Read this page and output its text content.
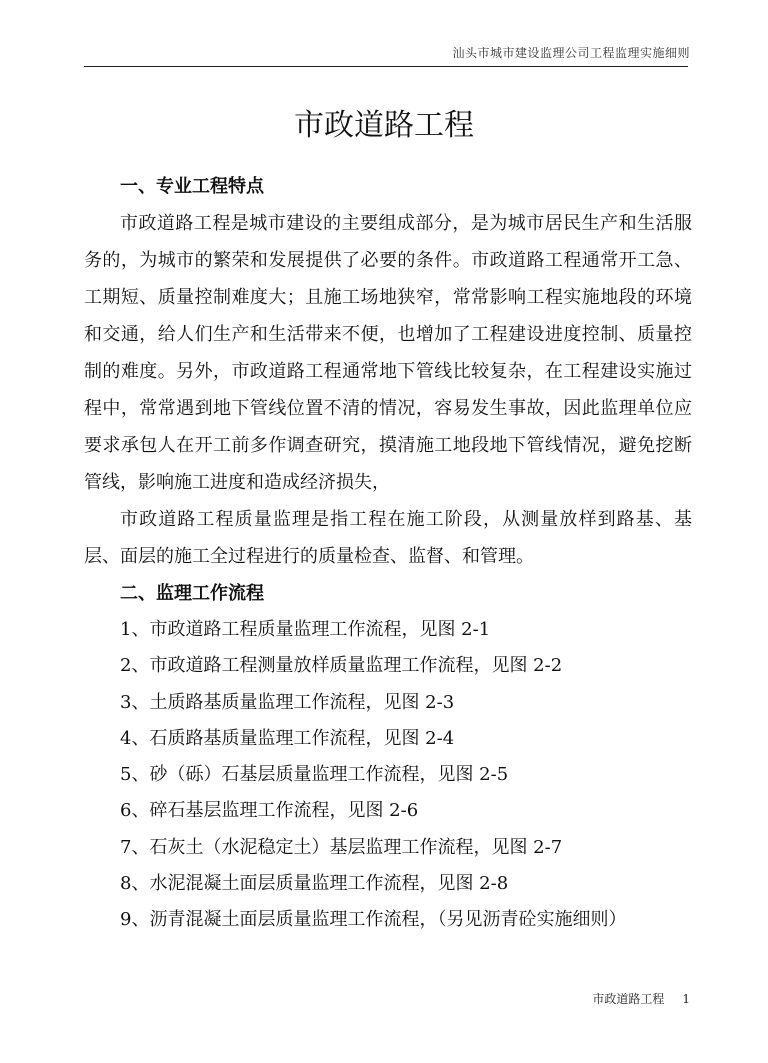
汕头市城市建设监理公司工程监理实施细则
市政道路工程

一、专业工程特点

市政道路工程是城市建设的主要组成部分，是为城市居民生产和生活服务的，为城市的繁荣和发展提供了必要的条件。市政道路工程通常开工急、工期短、质量控制难度大；且施工场地狭窄，常常影响工程实施地段的环境和交通，给人们生产和生活带来不便，也增加了工程建设进度控制、质量控制的难度。另外，市政道路工程通常地下管线比较复杂，在工程建设实施过程中，常常遇到地下管线位置不清的情况，容易发生事故，因此监理单位应要求承包人在开工前多作调查研究，摸清施工地段地下管线情况，避免挖断管线，影响施工进度和造成经济损失，

市政道路工程质量监理是指工程在施工阶段，从测量放样到路基、基层、面层的施工全过程进行的质量检查、监督、和管理。

二、监理工作流程

1、市政道路工程质量监理工作流程，见图 2-1

2、市政道路工程测量放样质量监理工作流程，见图 2-2

3、土质路基质量监理工作流程，见图 2-3

4、石质路基质量监理工作流程，见图 2-4

5、砂（砾）石基层质量监理工作流程，见图 2-5

6、碎石基层监理工作流程，见图 2-6

7、石灰土（水泥稳定土）基层监理工作流程，见图 2-7

8、水泥混凝土面层质量监理工作流程，见图 2-8

9、沥青混凝土面层质量监理工作流程，（另见沥青砼实施细则）

市政道路工程 1
